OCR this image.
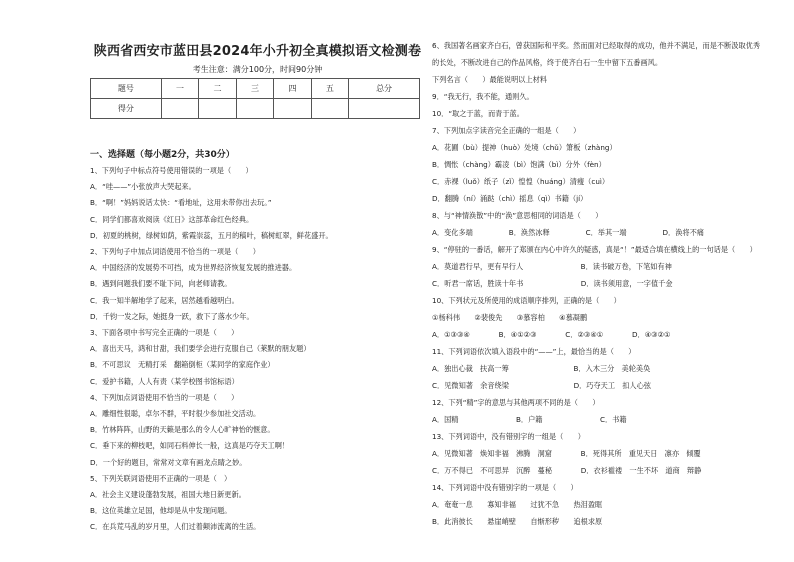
陕西省西安市蓝田县2024年小升初全真模拟语文检测卷
考生注意：满分100分，时间90分钟
题号	一	二	三	四	五	总分
得分						
一、选择题（每小题2分，共30分）
1、下列句子中标点符号使用错误的一项是（　　）
A．“哇——”小张放声大哭起来。
B．“啊！”妈妈说话太快：“看地址，这用未带你出去玩。”
C．同学们都喜欢阅读《红日》这部革命红色经典。
D．初夏的桃树，绿树如荫，紫霞崇蕊，五月的稿叶，稿树虹翠，鲜花盛开。
2、下列句子中加点词语使用不恰当的一项是（　　）
A．中国经济的发展势不可挡，成为世界经济恢复发展的推进器。
B．遇到问题我们要不耻下问，向老师请教。
C．我一知半解地学了起来，居然越看越明白。
D．千钧一发之际，她挺身一跃，救下了落水少年。
3、下面各项中书写完全正确的一项是（　　）
A．喜出天马，鸿和甘甜，我们要学会进行克服自己（莱默的朋友题）
B．不可思议　无精打采　翻箱倒柜（某同学的家庭作业）
C．爱护书籍，人人有责（某学校图书馆标语）
4、下列加点词语使用不恰当的一项是（　　）
A．雕细性很聪，卓尔不群，平时很少参加社交活动。
B．竹林阵阵，山野的天籁是那么的令人心旷神怡的惬意。
C．垂下来的柳枝吧，如同石料伸长一般，这真是巧夺天工啊！
D．一个好的题目，常常对文章有画龙点睛之妙。
5、下列关联词语使用不正确的一项是（　）
A．社会主义建设蓬勃发展，祖国大地日新更新。
B．这位英雄立足国，他却是从中发现问题。
C．在兵荒马乱的岁月里，人们过着颠沛流离的生活。
6、我国著名画家齐白石，曾获国际和平奖。然而面对已经取得的成功，他并不满足，而是不断汲取优秀
的长处，不断改进自己的作品风格，终于使齐白石一生中留下五番画风。
下列名言（　　）最能说明以上材料
9．“我无行，我不能，通则久。
10．“取之于蓝，而青于蓝。
7、下列加点字读音完全正确的一组是（　　）
A．花圃（bù）提神（huò）处境（chǔ）箫板（zhàng）
B．惆怅（chàng）霸凌（bì）饱满（bì）分外（fèn）
C．赤裸（luǒ）纸子（zǐ）惶惶（huáng）清瘦（cuì）
D．翻腾（ní）涌跶（chì）摇息（qì）书籍（jí）
8、与“神情涣散”中的“涣”意思相同的词语是（　　）
A．变化多端　　　　　B．涣然冰释　　　　　C．举其一端　　　　　D．涣将不痛
9、“停驻的一番话，解开了郑颁在内心中许久的疑惑，真是“！”最适合填在横线上的一句话是（　　）
A．莫道君行早，更有早行人　　　　　　　　B．读书破万卷，下笔如有神
C．听君一席话，胜读十年书　　　　　　　　D．读书须用意，一字值千金
10、下列状元及所使用的成语顺序排列，正确的是（　　）
①杨科伟　　②裴俊先　　③慕容柏　　④慕凝鹏
A．①③③④　　　　B．④①②③　　　　C．②③④①　　　　D．④③②①
11、下列词语依次填入语段中的“——”上，最恰当的是（　　）
A．独出心裁　扶高一筹　　　　　　　　　B．入木三分　美轮美奂
C．见微知著　余音绕梁　　　　　　　　　D．巧夺天工　扣人心弦
12、下列“精”字的意思与其他两项不同的是（　　）
A．国精　　　　　　　　B．户籍　　　　　　　　C．书籍
13、下列词语中，没有错别字的一组是（　　）
A．见微知著　焕知非福　沸腾　洞窟　　　　B．死得其所　重见天日　凛亦　倾覆
C．万不得已　不可思异　沉醉　蔓秘　　　　D．衣衫褴褛　一生不坏　道商　辩静
14、下列词语中没有错别字的一项是（　　）
A．奄奄一息　　寡知非福　　过犹不急　　热泪盈眶
B．此消彼长　　悬崖峭壁　　自惭形秽　　追根求原
